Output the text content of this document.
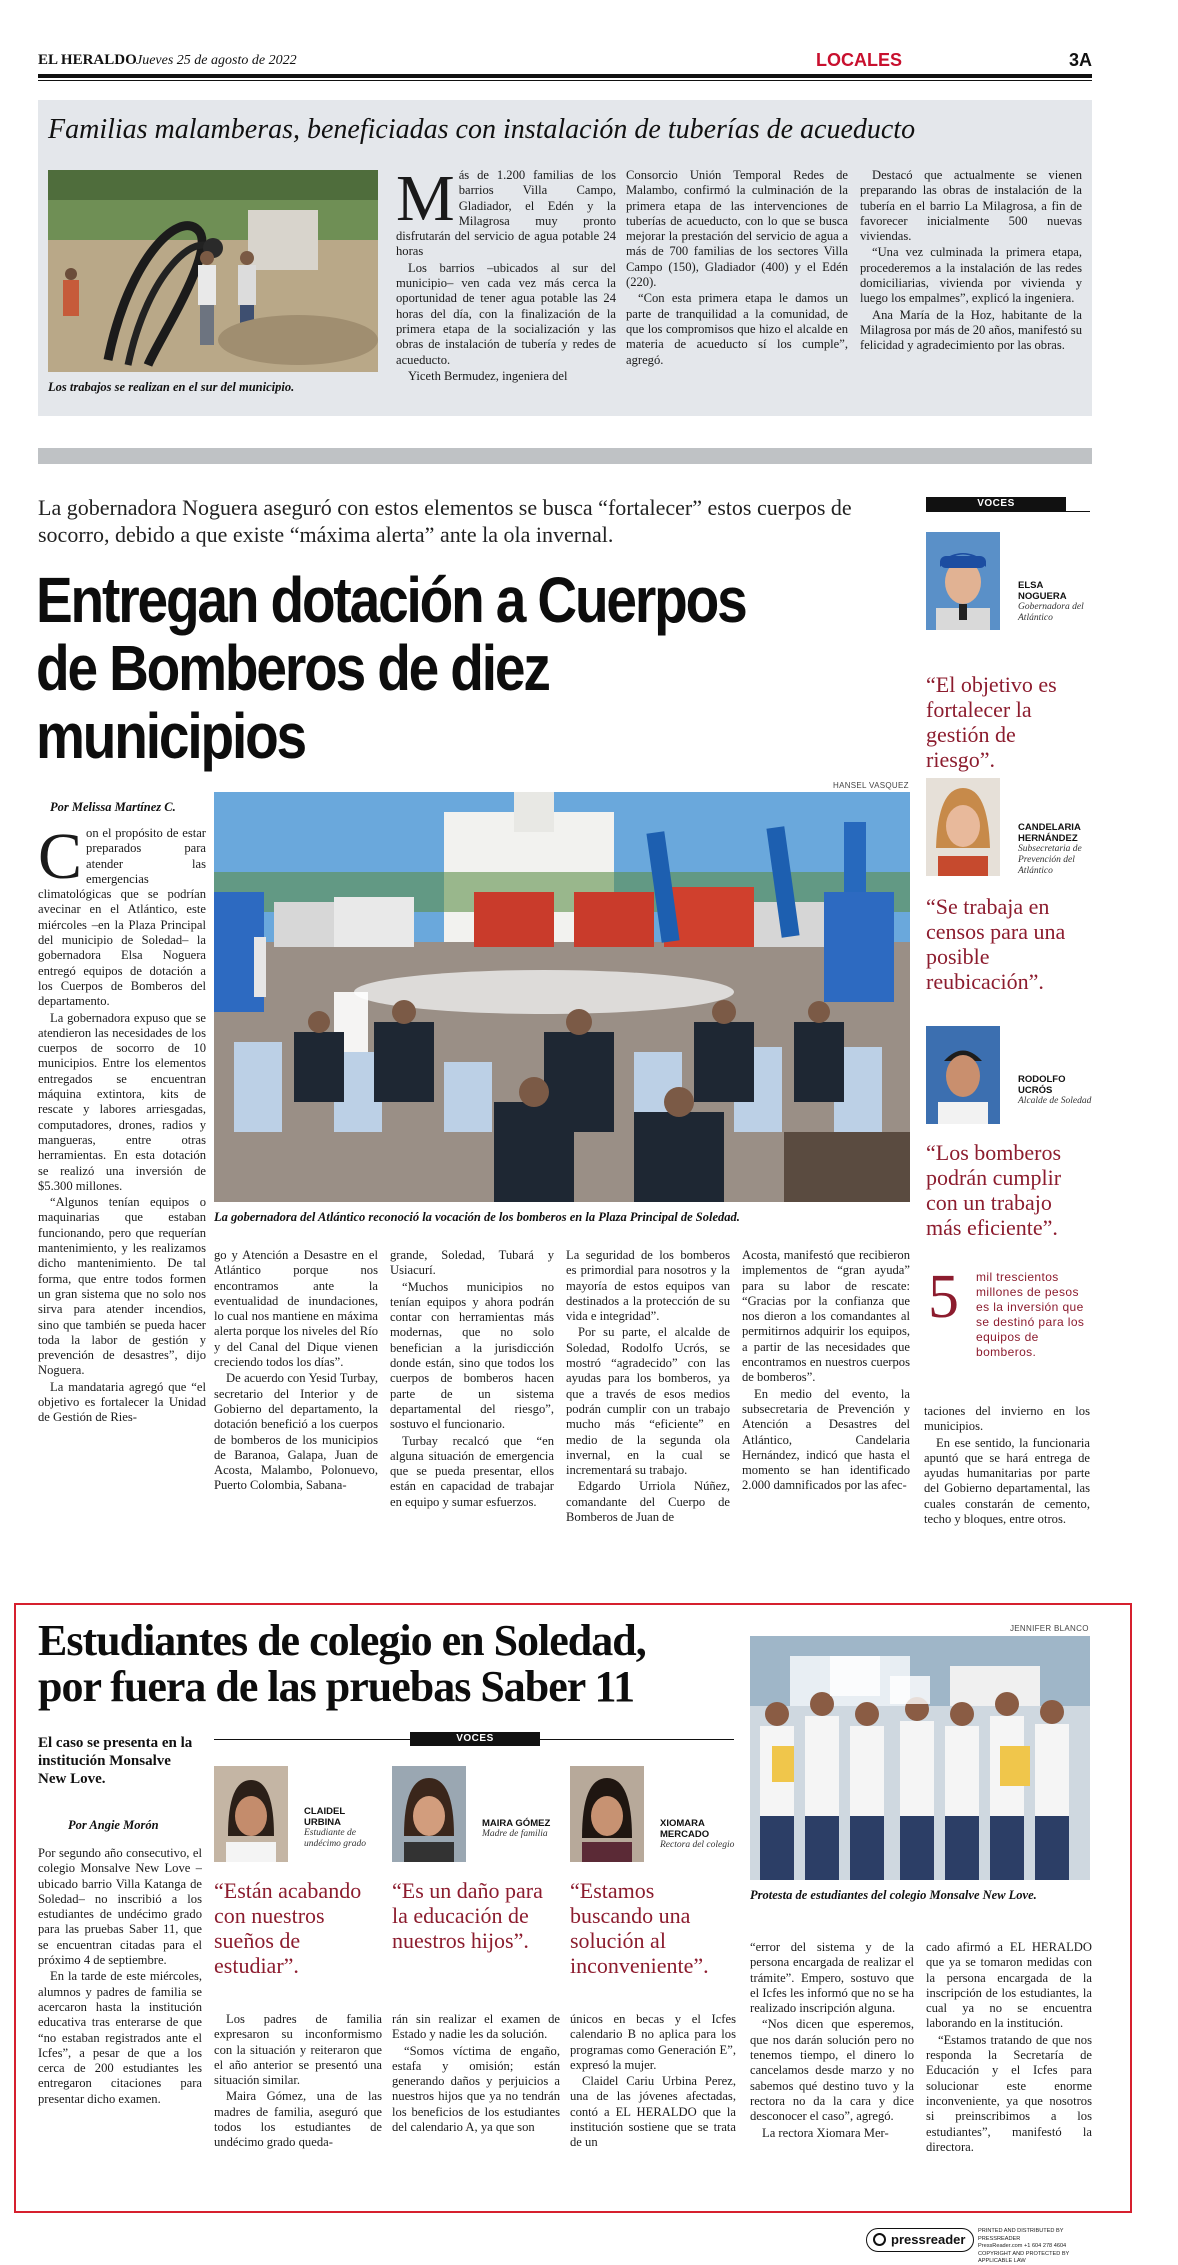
EL HERALDO Jueves 25 de agosto de 2022	LOCALES	3A
Familias malamberas, beneficiadas con instalación de tuberías de acueducto
Los trabajos se realizan en el sur del municipio.
M ás de 1.200 familias de los barrios Villa Campo, Gladiador, el Edén y la Milagrosa muy pronto disfrutarán del servicio de agua potable 24 horas

Los barrios –ubicados al sur del municipio– ven cada vez más cerca la oportunidad de tener agua potable las 24 horas del día, con la finalización de la primera etapa de la socialización y las obras de instalación de tubería y redes de acueducto.

Yiceth Bermudez, ingeniera del

Consorcio Unión Temporal Redes de Malambo, confirmó la culminación de la primera etapa de las intervenciones de tuberías de acueducto, con lo que se busca mejorar la prestación del servicio de agua a más de 700 familias de los sectores Villa Campo (150), Gladiador (400) y el Edén (220).

“Con esta primera etapa le damos un parte de tranquilidad a la comunidad, de que los compromisos que hizo el alcalde en materia de acueducto sí los cumple”, agregó.

Destacó que actualmente se vienen preparando las obras de instalación de la tubería en el barrio La Milagrosa, a fin de favorecer inicialmente 500 nuevas viviendas.

“Una vez culminada la primera etapa, procederemos a la instalación de las redes domiciliarias, vivienda por vivienda y luego los empalmes”, explicó la ingeniera.

Ana María de la Hoz, habitante de la Milagrosa por más de 20 años, manifestó su felicidad y agradecimiento por las obras.

La gobernadora Noguera aseguró con estos elementos se busca “fortalecer” estos cuerpos de socorro, debido a que existe “máxima alerta” ante la ola invernal.
Entregan dotación a Cuerpos de Bomberos de diez municipios
Por Melissa Martínez C.
C on el propósito de estar preparados para atender las emergencias climatológicas que se podrían avecinar en el Atlántico, este miércoles –en la Plaza Principal del municipio de Soledad– la gobernadora Elsa Noguera entregó equipos de dotación a los Cuerpos de Bomberos del departamento.

La gobernadora expuso que se atendieron las necesidades de los cuerpos de socorro de 10 municipios. Entre los elementos entregados se encuentran máquina extintora, kits de rescate y labores arriesgadas, computadores, drones, radios y mangueras, entre otras herramientas. En esta dotación se realizó una inversión de $5.300 millones.

“Algunos tenían equipos o maquinarias que estaban funcionando, pero que requerían mantenimiento, y les realizamos dicho mantenimiento. De tal forma, que entre todos formen un gran sistema que no solo nos sirva para atender incendios, sino que también se pueda hacer toda la labor de gestión y prevención de desastres”, dijo Noguera.

La mandataria agregó que “el objetivo es fortalecer la Unidad de Gestión de Ries-

HANSEL VASQUEZ
La gobernadora del Atlántico reconoció la vocación de los bomberos en la Plaza Principal de Soledad.

go y Atención a Desastre en el Atlántico porque nos encontramos ante la eventualidad de inundaciones, lo cual nos mantiene en máxima alerta porque los niveles del Río y del Canal del Dique vienen creciendo todos los días”.

De acuerdo con Yesid Turbay, secretario del Interior y de Gobierno del departamento, la dotación benefició a los cuerpos de bomberos de los municipios de Baranoa, Galapa, Juan de Acosta, Malambo, Polonuevo, Puerto Colombia, Sabana-

grande, Soledad, Tubará y Usiacurí.

“Muchos municipios no tenían equipos y ahora podrán contar con herramientas más modernas, que no solo benefician a la jurisdicción donde están, sino que todos los cuerpos de bomberos hacen parte de un sistema departamental del riesgo”, sostuvo el funcionario.

Turbay recalcó que “en alguna situación de emergencia que se pueda presentar, ellos están en capacidad de trabajar en equipo y sumar esfuerzos.

La seguridad de los bomberos es primordial para nosotros y la mayoría de estos equipos van destinados a la protección de su vida e integridad”.

Por su parte, el alcalde de Soledad, Rodolfo Ucrós, se mostró “agradecido” con las ayudas para los bomberos, ya que a través de esos medios podrán cumplir con un trabajo mucho más “eficiente” en medio de la segunda ola invernal, en la cual se incrementará su trabajo.

Edgardo Urriola Núñez, comandante del Cuerpo de Bomberos de Juan de

Acosta, manifestó que recibieron implementos de “gran ayuda” para su labor de rescate: “Gracias por la confianza que nos dieron a los comandantes al permitirnos adquirir los equipos, a partir de las necesidades que encontramos en nuestros cuerpos de bomberos”.

En medio del evento, la subsecretaria de Prevención y Atención a Desastres del Atlántico, Candelaria Hernández, indicó que hasta el momento se han identificado 2.000 damnificados por las afec-

taciones del invierno en los municipios.

En ese sentido, la funcionaria apuntó que se hará entrega de ayudas humanitarias por parte del Gobierno departamental, las cuales constarán de cemento, techo y bloques, entre otros.

5 mil trescientos millones de pesos es la inversión que se destinó para los equipos de bomberos.
VOCES
ELSA NOGUERA
Gobernadora del Atlántico
“El objetivo es fortalecer la gestión de riesgo”.
CANDELARIA HERNÁNDEZ
Subsecretaria de Prevención del Atlántico
“Se trabaja en censos para una posible reubicación”.
RODOLFO UCRÓS
Alcalde de Soledad
“Los bomberos podrán cumplir con un trabajo más eficiente”.
Estudiantes de colegio en Soledad, por fuera de las pruebas Saber 11
VOCES
El caso se presenta en la institución Monsalve New Love.
Por Angie Morón

Por segundo año consecutivo, el colegio Monsalve New Love –ubicado barrio Villa Katanga de Soledad– no inscribió a los estudiantes de undécimo grado para las pruebas Saber 11, que se encuentran citadas para el próximo 4 de septiembre.

En la tarde de este miércoles, alumnos y padres de familia se acercaron hasta la institución educativa tras enterarse de que “no estaban registrados ante el Icfes”, a pesar de que a los cerca de 200 estudiantes les entregaron citaciones para presentar dicho examen.

CLAIDEL URBINA
Estudiante de undécimo grado
“Están acabando con nuestros sueños de estudiar”.
MAIRA GÓMEZ
Madre de familia
“Es un daño para la educación de nuestros hijos”.
XIOMARA MERCADO
Rectora del colegio
“Estamos buscando una solución al inconveniente”.

Los padres de familia expresaron su inconformismo con la situación y reiteraron que el año anterior se presentó una situación similar.

Maira Gómez, una de las madres de familia, aseguró que todos los estudiantes de undécimo grado queda-

rán sin realizar el examen de Estado y nadie les da solución.

“Somos víctima de engaño, estafa y omisión; están generando daños y perjuicios a nuestros hijos que ya no tendrán los beneficios de los estudiantes del calendario A, ya que son

únicos en becas y el Icfes calendario B no aplica para los programas como Generación E”, expresó la mujer.

Claidel Cariu Urbina Perez, una de las jóvenes afectadas, contó a EL HERALDO que la institución sostiene que se trata de un

JENNIFER BLANCO
Protesta de estudiantes del colegio Monsalve New Love.

“error del sistema y de la persona encargada de realizar el trámite”. Empero, sostuvo que el Icfes les informó que no se ha realizado inscripción alguna.

“Nos dicen que esperemos, que nos darán solución pero no tenemos tiempo, el dinero lo cancelamos desde marzo y no sabemos qué destino tuvo y la rectora no da la cara y dice desconocer el caso”, agregó.

La rectora Xiomara Mer-

cado afirmó a EL HERALDO que ya se tomaron medidas con la persona encargada de la inscripción de los estudiantes, la cual ya no se encuentra laborando en la institución.

“Estamos tratando de que nos responda la Secretaría de Educación y el Icfes para solucionar este enorme inconveniente, ya que nosotros si preinscribimos a los estudiantes”, manifestó la directora.

pressreader
PRINTED AND DISTRIBUTED BY PRESSREADER
PressReader.com +1 604 278 4604
COPYRIGHT AND PROTECTED BY APPLICABLE LAW
